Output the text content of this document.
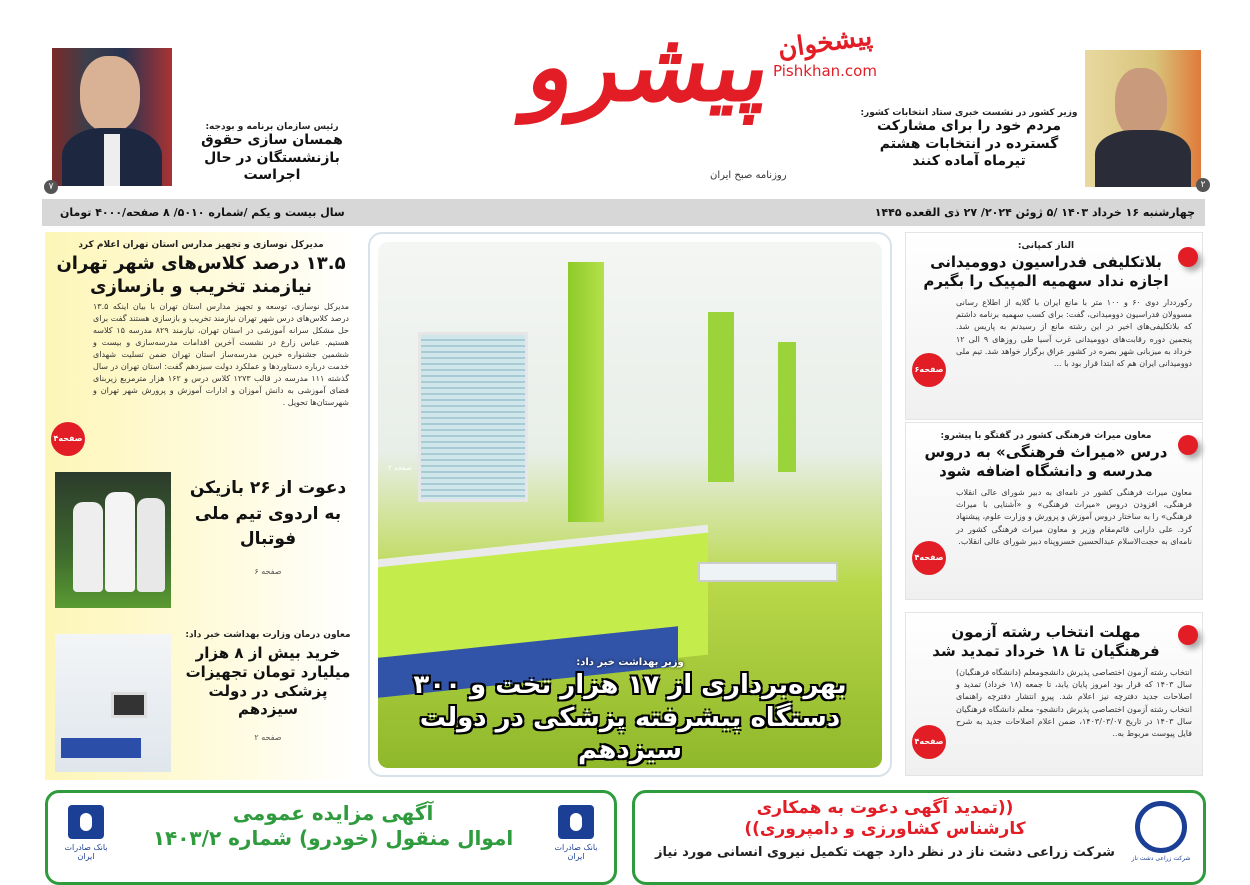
۷
رئیس سازمان برنامه و بودجه:
همسان سازی حقوق بازنشستگان در حال اجراست
پیشرو
روزنامه صبح ایران
وزیر کشور در نشست خبری ستاد انتخابات کشور:
مردم خود را برای مشارکت گسترده در انتخابات هشتم تیرماه آماده کنند
۲
چهارشنبه ۱۶ خرداد ۱۴۰۳ /۵ ژوئن ۲۰۲۴/ ۲۷ ذی القعده ۱۴۴۵
سال بیست و یکم /شماره ۵۰۱۰/ ۸ صفحه/۴۰۰۰ تومان
مدیرکل نوسازی و تجهیز مدارس استان تهران اعلام کرد
۱۳.۵ درصد کلاس‌های شهر تهران نیازمند تخریب و بازسازی
مدیرکل نوسازی، توسعه و تجهیز مدارس استان تهران با بیان اینکه ۱۳.۵ درصد کلاس‌های درس شهر تهران نیازمند تخریب و بازسازی هستند گفت برای حل مشکل سرانه آموزشی در استان تهران، نیازمند ۸۲۹ مدرسه ۱۵ کلاسه هستیم. عباس زارع در نشست آخرین اقدامات مدرسه‌سازی و بیست و ششمین جشنواره خیرین مدرسه‌ساز استان تهران ضمن تسلیت شهدای خدمت درباره دستاوردها و عملکرد دولت سیزدهم گفت: استان تهران در سال گذشته ۱۱۱ مدرسه در قالب ۱۲۷۳ کلاس درس و ۱۶۲ هزار مترمربع زیربنای فضای آموزشی به دانش آموزان و ادارات آموزش و پرورش شهر تهران و شهرستان‌ها تحویل .
صفحه۴
دعوت از ۲۶ بازیکن به اردوی تیم ملی فوتبال
صفحه ۶
معاون درمان وزارت بهداشت خبر داد:
خرید بیش از ۸ هزار میلیارد تومان تجهیزات پزشکی در دولت سیزدهم
صفحه ۲
صفحه ۲
وزیر بهداشت خبر داد:
بهره‌برداری از ۱۷ هزار تخت و ۳۰۰ دستگاه پیشرفته پزشکی در دولت سیزدهم
الناز کمپانی:
بلاتکلیفی فدراسیون دوومیدانی اجازه نداد سهمیه المپیک را بگیرم
رکورددار دوی ۶۰ و ۱۰۰ متر با مانع ایران با گلایه از اطلاع رسانی مسوولان فدراسیون دوومیدانی، گفت: برای کسب سهمیه برنامه داشتم که بلاتکلیفی‌های اخیر در این رشته مانع از رسیدنم به پاریس شد. پنجمین دوره رقابت‌های دوومیدانی غرب آسیا طی روزهای ۹ الی ۱۲ خرداد به میزبانی شهر بصره در کشور عراق برگزار خواهد شد. تیم ملی دوومیدانی ایران هم که ابتدا قرار بود با ...
صفحه۶
معاون میراث فرهنگی کشور در گفتگو با پیشرو:
درس «میراث فرهنگی» به دروس مدرسه و دانشگاه اضافه شود
معاون میراث فرهنگی کشور در نامه‌ای به دبیر شورای عالی انقلاب فرهنگی، افزودن دروس «میراث فرهنگی» و «آشنایی با میراث فرهنگی» را به ساختار دروس آموزش و پرورش و وزارت علوم، پیشنهاد کرد. علی دارابی قائم‌مقام وزیر و معاون میراث فرهنگی کشور در نامه‌ای به حجت‌الاسلام عبدالحسین خسروپناه دبیر شورای عالی انقلاب.
صفحه۴
مهلت انتخاب رشته آزمون فرهنگیان تا ۱۸ خرداد تمدید شد
انتخاب رشته آزمون اختصاصی پذیرش دانشجومعلم (دانشگاه فرهنگیان) سال ۱۴۰۳ که قرار بود امروز پایان یابد، تا جمعه (۱۸ خرداد) تمدید و اصلاحات جدید دفترچه نیز اعلام شد. پیرو انتشار دفترچه راهنمای انتخاب رشته آزمون اختصاصی پذیرش دانشجو- معلم دانشگاه فرهنگیان سال ۱۴۰۳ در تاریخ ۱۴۰۳/۰۳/۰۷، ضمن اعلام اصلاحات جدید به شرح فایل پیوست مربوط به..
صفحه۴
پیشخوان
Pishkhan.com
بانک صادرات ایران
بانک صادرات ایران
آگهی مزایده عمومی
اموال منقول (خودرو) شماره ۱۴۰۳/۲
شرکت زراعی دشت ناز
((تمدید آگهی دعوت به همکاری
کارشناس کشاورزی و دامپروری))
شرکت زراعی دشت ناز در نظر دارد جهت تکمیل نیروی انسانی مورد نیاز
